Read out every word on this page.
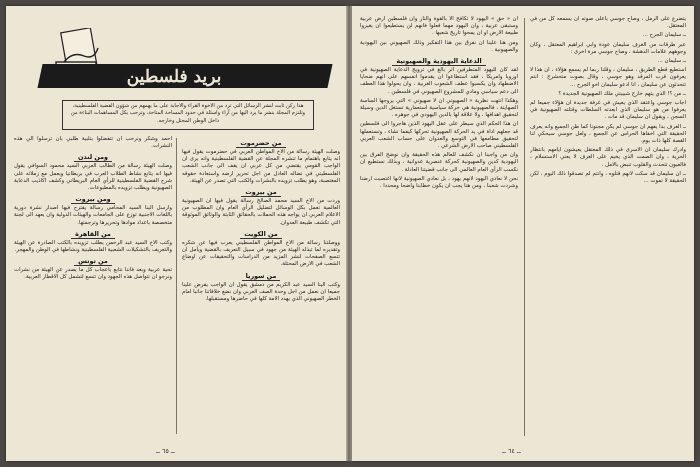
بريد فلسطين
هذا ركن ثابت لنشر الرسائل التي ترد من الاخوة القراء والاجابة على ما يهمهم من شؤون القضية الفلسطينية، وتلتزم المجلة بنشر ما يرد اليها من آراء واسئلة في حدود المساحة المتاحة، وترحب بكل المساهمات البناءة من داخل الوطن المحتل وخارجه.
من حضرموت

وصلت الهيئة رسالة من الاخ المواطن العربي في حضرموت يقول فيها انه يتابع باهتمام ما تنشره المجلة عن القضية الفلسطينية وانه يرى ان الواجب القومي يقتضي من كل عربي ان يقف الى جانب الشعب الفلسطيني في نضاله العادل من اجل تحرير ارضه واستعادة حقوقه المغتصبة، وهو يطلب تزويده بالنشرات والكتب التي تصدر عن الهيئة.

من بيروت

وردت من الاخ السيد محمد الصالح رسالة يقول فيها ان الصهيونية العالمية تعمل بكل الوسائل لتضليل الرأي العام وان المطلوب من الاعلام العربي ان يواجه هذه الحملات بالحقائق الثابتة والوثائق الموثوقة التي تكشف طبيعة العدوان.

من الكويت

ووصلتنا رسالة من الاخ المواطن الفلسطيني يعرب فيها عن شكره وتقديره لما تبذله الهيئة من جهود في سبيل التعريف بالقضية ويأمل ان تتسع الصفحات لنشر المزيد من الدراسات والتحقيقات عن اوضاع الشعب في الارض المحتلة.

من سوريا

وكتب الينا السيد عبد الكريم من دمشق يقول ان الواجب يفرض علينا جميعا ان نعمل من اجل وحدة الصف العربي وان نضع خلافاتنا جانبا امام الخطر الصهيوني الذي يهدد الامة كلها في حاضرها ومستقبلها.

احمد وشكر ونرحب ان تتفضلوا بتلبية طلبي بان ترسلوا الي هذه النشرات.

ومن لندن

وصلت الهيئة رسالة من الطالب العربي السيد محمود السوافي يقول فيها انه يتابع نشاط الطلاب العرب في بريطانيا ويعمل مع زملائه على شرح القضية الفلسطينية للرأي العام البريطاني وكشف اكاذيب الدعاية الصهيونية ويطلب تزويده بالمطبوعات.

ومن بيروت

وارسل الينا السيد المحامي رسالة يقترح فيها اصدار نشرة دورية باللغات الاجنبية توزع على الجامعات والهيئات الدولية وان يعهد الى لجنة متخصصة باعداد موادها وتحريرها وترجمتها.

من القاهرة

وكتب الاخ السيد عبد الرحمن يطلب تزويده بالكتب الصادرة عن الهيئة والتعريف بالتشكيلات الشعبية الفلسطينية ونشاطها في الوطن والمهجر.

من تونس

تحية عربية وبعد فاننا نتابع باعجاب كل ما يصدر عن الهيئة من نشرات ونرجو ان تتواصل هذه الجهود وان تتسع لتشمل كل الاقطار العربية.

ــ ٦٥ ــ

يتضرع على الرمل ، وصاح جوسي باعلى صوته ان يسمعه كل من في المعتقل.

ــ سليمان الجرح ...

عبر طرقات من الغرف سليمان عودة وابي ابراهيم المعتقل ، وكان وجوههم علامات الدهشة ، وصاح جوسي مرة اخرى :

ــ سليمان ...

استطيع قطع الطريق ، سليمان ، وقلنا ربما لم يسمع هؤلاء ، ان هذا لا يعرفون قرب المرقد وهو جوسي ، وقال بصوت متحشرج : انتم تتحدثون عن سليمان ، انا ادعو سليمان اخو الجرح ...

ــ من ؟! الذي يتهم خارج شبيبتي ملك الصهيونية الجديدة ؟

اجاب جوسي واعتقد الذي يعيش في غرفة جديدة ان هؤلاء جميعا لم يعرفوا من هو سليمان الذي ابعدته السلطات وقتلته الصهيونية في السجن ، ويقول ان سليمان قد مات .

ــ الغرف بدا يفهم ان جوسي لم يكن مجنونا كما ظن الجميع وانه يعرف الحقيقة التي اخفاها الحراس عن الجميع ، ولعل جوسي سيحكي لنا القصة كلها ذات يوم.

وادرك سليمان ان الاسرى في ذلك المعتقل يعيشون ايامهم بانتظار الحرية ، وان الصمت الذي يخيم على الغرف لا يعني الاستسلام ، فالعيون تتحدث والقلوب تنبض بالامل .

ــ ان سليمان قد سكت لانهم قتلوه ، وانتم لم تصدقوا ذلك اليوم ، لكن الحقيقة لا تموت ...

ان « حق » اليهود لا تكافح الا بالقوة والنار وان فلسطين ارض عربية وستبقى عربية ، وان اليهود مهما فعلوا فانهم لن يستطيعوا ان يغيروا طبيعة الارض او ان يمحوا تاريخ شعبها .

ومن هنا علينا ان نفرق بين هذا التفكير وذلك الصهيوني بين اليهودية والصهيونية .

الدعاية اليهودية والصهيونية

لقد كان لليهود المتطرفين اثر بالغ في ترويج الدعاية الصهيونية في اوروبا وامريكا ، فقد استطاعوا ان يقدموا انفسهم على انهم ضحايا الاضطهاد وان يكسبوا عطف الشعوب الغربية ، وان يحولوا هذا العطف الى دعم سياسي ومادي للمشروع الصهيوني في فلسطين .

وهكذا انتهت نظرية « الصهيوني ان لا صهيوني » التي يروجها الساسة الصهاينة ، فالصهيونية هي حركة سياسية استعمارية تستغل الدين وسيلة لتحقيق اهدافها ، ولا علاقة لها بالدين اليهودي في جوهره .

ان هذا الحكم الذي سيطر على عقل اليهود الذين هاجروا الى فلسطين قد جعلهم اداة في يد الحركة الصهيونية تحركها كيفما تشاء ، وتستعملها لتحقيق مطامعها في التوسع والعدوان على حساب الشعب العربي الفلسطيني صاحب الارض الشرعي .

وان من واجبنا ان نكشف للعالم هذه الحقيقة وان نوضح الفرق بين اليهودية كدين والصهيونية كحركة عنصرية عدوانية ، وبذلك نستطيع ان نكسب الرأي العام العالمي الى جانب قضيتنا العادلة .

نحن لا نعادي اليهود لانهم يهود ، بل نعادي الصهيونية لانها اغتصبت ارضنا وشردت شعبنا ، ومن هنا يجب ان يكون خطابنا واضحا ومحددا .

ــ ٦٤ ــ
